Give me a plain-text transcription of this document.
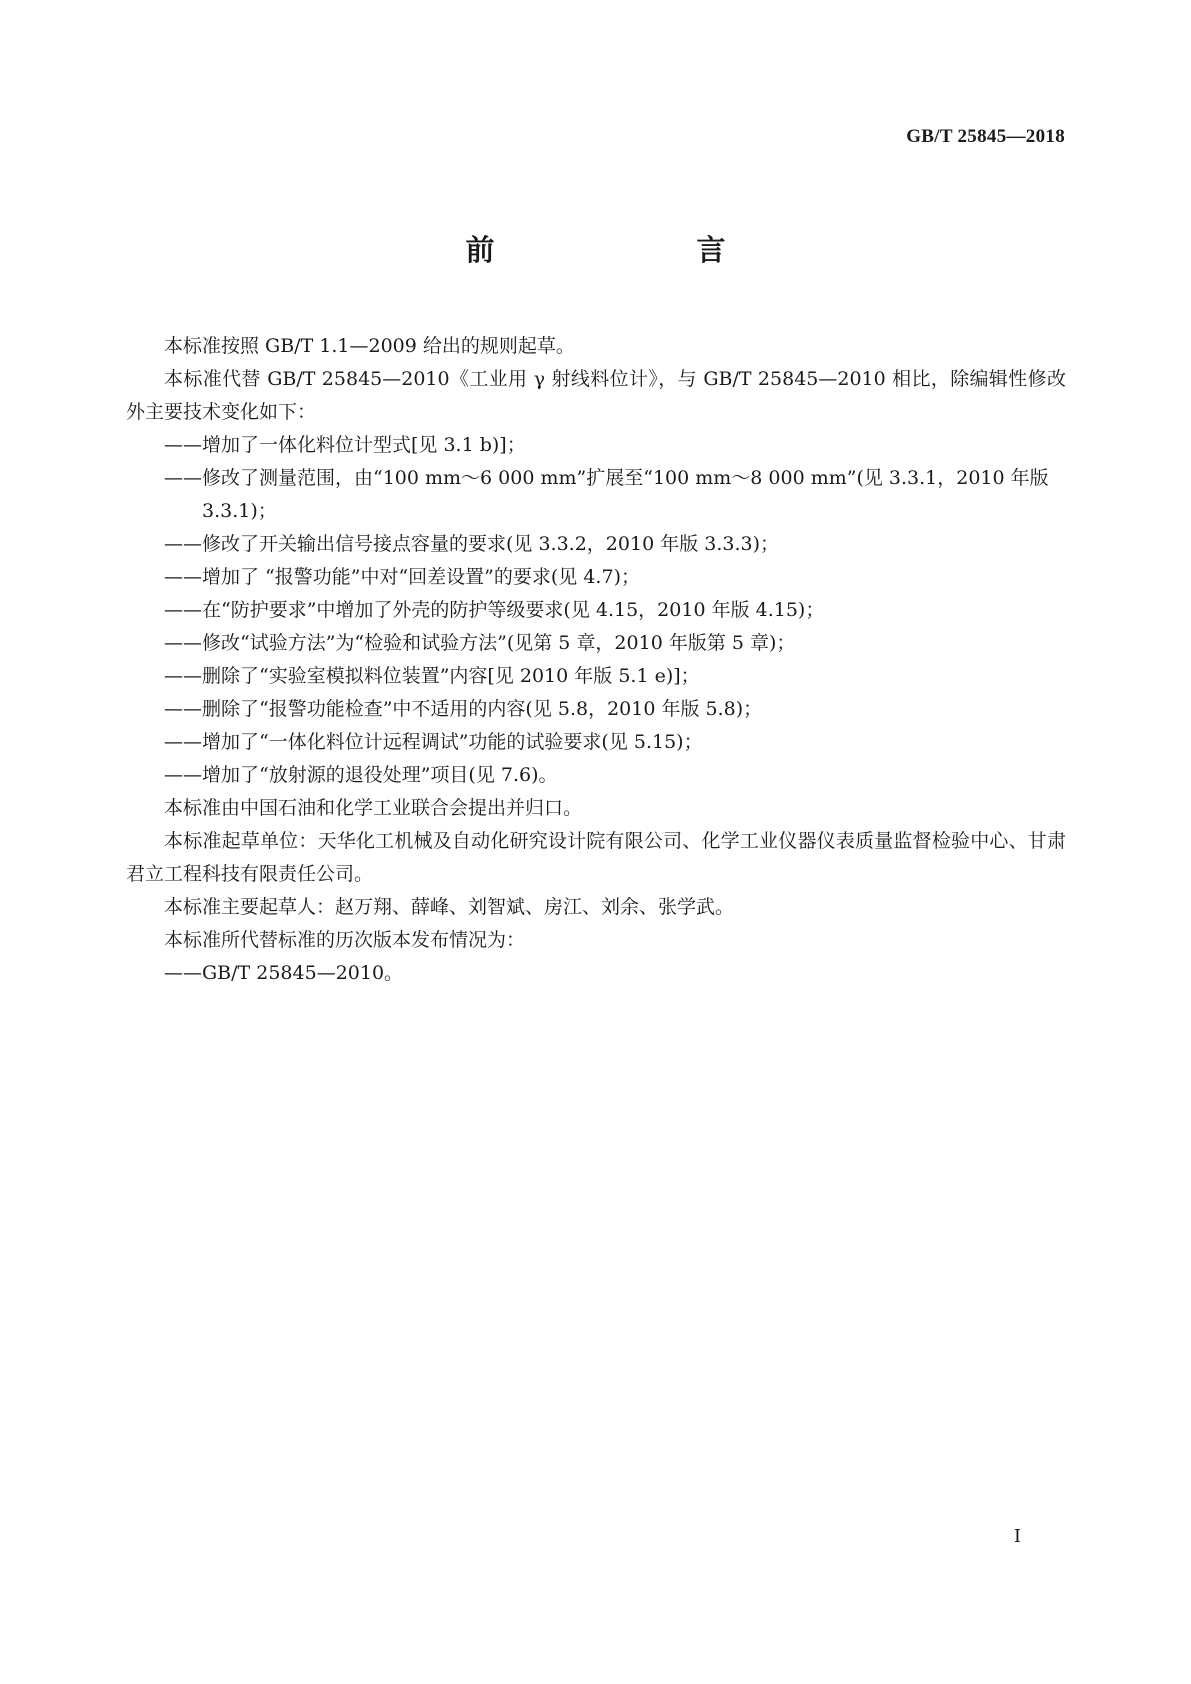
GB/T 25845—2018
前　　言

本标准按照 GB/T 1.1—2009 给出的规则起草。

本标准代替 GB/T 25845—2010《工业用 γ 射线料位计》，与 GB/T 25845—2010 相比，除编辑性修改外主要技术变化如下：

——增加了一体化料位计型式[见 3.1 b)]；

——修改了测量范围，由“100 mm～6 000 mm”扩展至“100 mm～8 000 mm”(见 3.3.1，2010 年版
3.3.1)；

——修改了开关输出信号接点容量的要求(见 3.3.2，2010 年版 3.3.3)；

——增加了 “报警功能”中对“回差设置”的要求(见 4.7)；

——在“防护要求”中增加了外壳的防护等级要求(见 4.15，2010 年版 4.15)；

——修改“试验方法”为“检验和试验方法”(见第 5 章，2010 年版第 5 章)；

——删除了“实验室模拟料位装置”内容[见 2010 年版 5.1 e)]；

——删除了“报警功能检查”中不适用的内容(见 5.8，2010 年版 5.8)；

——增加了“一体化料位计远程调试”功能的试验要求(见 5.15)；

——增加了“放射源的退役处理”项目(见 7.6)。

本标准由中国石油和化学工业联合会提出并归口。

本标准起草单位：天华化工机械及自动化研究设计院有限公司、化学工业仪器仪表质量监督检验中心、甘肃君立工程科技有限责任公司。

本标准主要起草人：赵万翔、薛峰、刘智斌、房江、刘余、张学武。

本标准所代替标准的历次版本发布情况为：

——GB/T 25845—2010。

I
